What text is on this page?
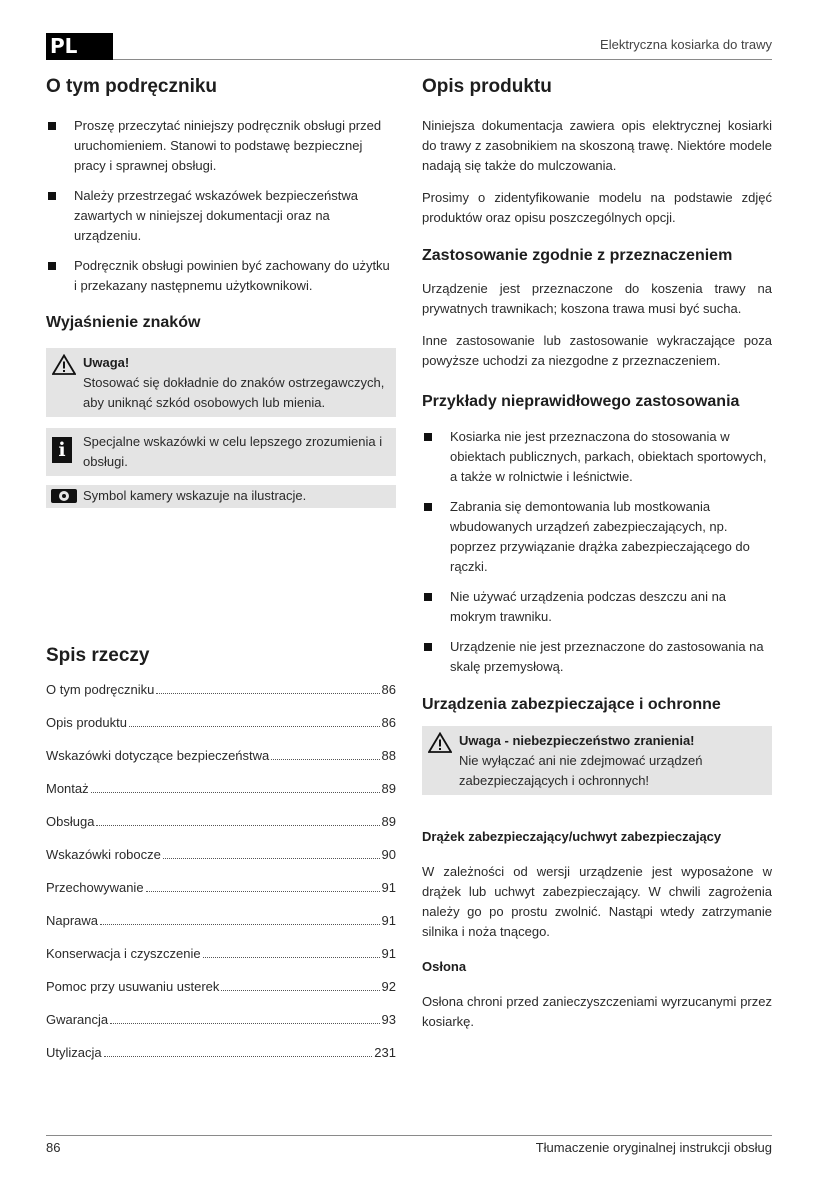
PL	Elektryczna kosiarka do trawy
O tym podręczniku
Proszę przeczytać niniejszy podręcznik obsługi przed uruchomieniem. Stanowi to podstawę bezpiecznej pracy i sprawnej obsługi.
Należy przestrzegać wskazówek bezpieczeństwa zawartych w niniejszej dokumentacji oraz na urządzeniu.
Podręcznik obsługi powinien być zachowany do użytku i przekazany następnemu użytkownikowi.
Wyjaśnienie znaków
Uwaga!
Stosować się dokładnie do znaków ostrzegawczych, aby uniknąć szkód osobowych lub mienia.
i	Specjalne wskazówki w celu lepszego zrozumienia i obsługi.
Symbol kamery wskazuje na ilustracje.
Spis rzeczy
O tym podręczniku	86
Opis produktu	86
Wskazówki dotyczące bezpieczeństwa	88
Montaż	89
Obsługa	89
Wskazówki robocze	90
Przechowywanie	91
Naprawa	91
Konserwacja i czyszczenie	91
Pomoc przy usuwaniu usterek	92
Gwarancja	93
Utylizacja	231
Opis produktu

Niniejsza dokumentacja zawiera opis elektrycznej kosiarki do trawy z zasobnikiem na skoszoną trawę. Niektóre modele nadają się także do mulczowania.

Prosimy o zidentyfikowanie modelu na podstawie zdjęć produktów oraz opisu poszczególnych opcji.

Zastosowanie zgodnie z przeznaczeniem

Urządzenie jest przeznaczone do koszenia trawy na prywatnych trawnikach; koszona trawa musi być sucha.

Inne zastosowanie lub zastosowanie wykraczające poza powyższe uchodzi za niezgodne z przeznaczeniem.

Przykłady nieprawidłowego zastosowania
Kosiarka nie jest przeznaczona do stosowania w obiektach publicznych, parkach, obiektach sportowych, a także w rolnictwie i leśnictwie.
Zabrania się demontowania lub mostkowania wbudowanych urządzeń zabezpieczających, np. poprzez przywiązanie drążka zabezpieczającego do rączki.
Nie używać urządzenia podczas deszczu ani na mokrym trawniku.
Urządzenie nie jest przeznaczone do zastosowania na skalę przemysłową.
Urządzenia zabezpieczające i ochronne
Uwaga - niebezpieczeństwo zranienia!
Nie wyłączać ani nie zdejmować urządzeń zabezpieczających i ochronnych!
Drążek zabezpieczający/uchwyt zabezpieczający

W zależności od wersji urządzenie jest wyposażone w drążek lub uchwyt zabezpieczający. W chwili zagrożenia należy go po prostu zwolnić. Nastąpi wtedy zatrzymanie silnika i noża tnącego.

Osłona

Osłona chroni przed zanieczyszczeniami wyrzucanymi przez kosiarkę.

86	Tłumaczenie oryginalnej instrukcji obsług
